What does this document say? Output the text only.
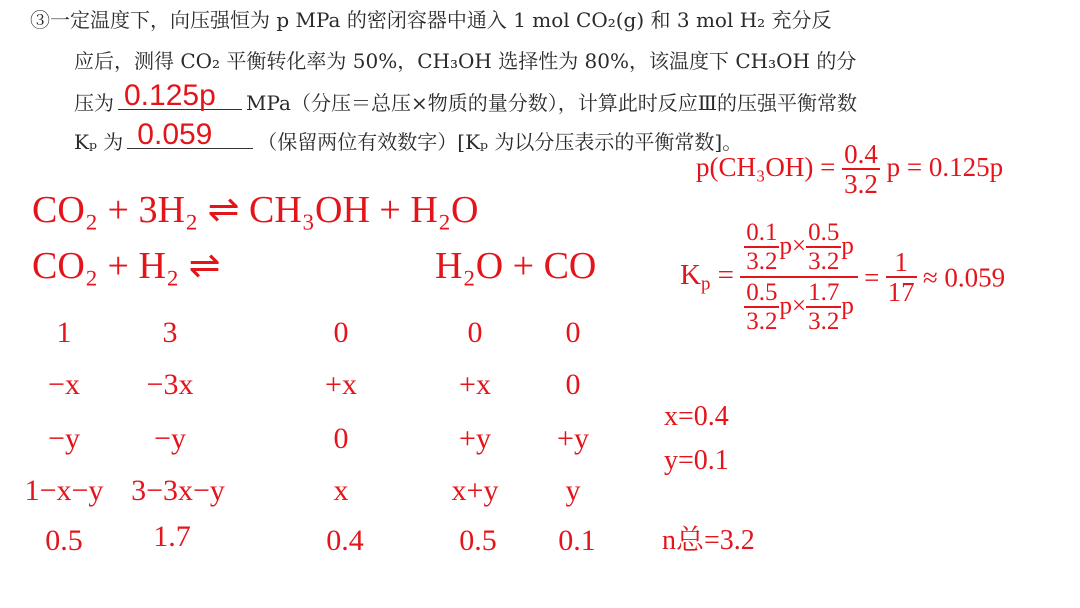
③一定温度下，向压强恒为 p MPa 的密闭容器中通入 1 mol CO₂(g) 和 3 mol H₂ 充分反
应后，测得 CO₂ 平衡转化率为 50%，CH₃OH 选择性为 80%，该温度下 CH₃OH 的分
压为 0.125p MPa（分压＝总压×物质的量分数），计算此时反应Ⅲ的压强平衡常数
Kₚ 为 0.059 （保留两位有效数字）[Kₚ 为以分压表示的平衡常数]。
CO₂ + 3H₂ ⇌ CH₃OH + H₂O
CO₂ + H₂ ⇌	H₂O + CO
1	3	0	0	0
−x −3x	+x	+x 0
−y −y	0	+y +y
1−x−y 3−3x−y	x	x+y y
0.5 1.7	0.4	0.5 0.1
x=0.4
y=0.1
n总=3.2
$p(CH_3OH) = \frac{0.4}{3.2}$ p = 0.125p
$Kp = \frac{\frac{0.1}{3.2} p\times \frac{0.5}{3.2} p}{\frac{0.5}{3.2} p\times \frac{1.7}{3.2} p} = \frac{1}{17} \approx 0.059$
